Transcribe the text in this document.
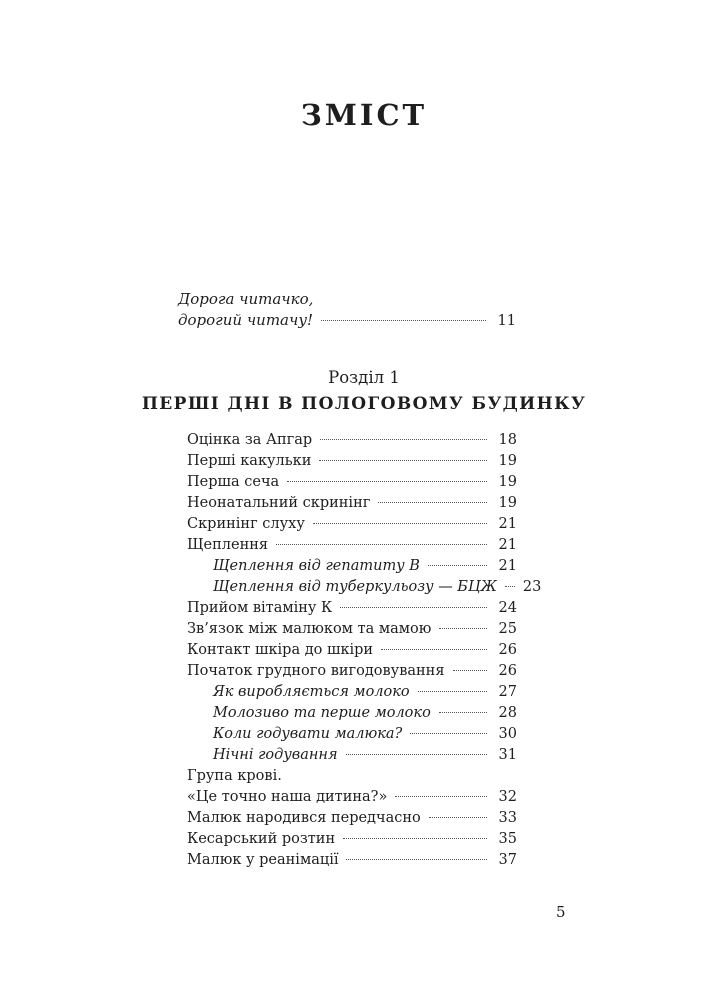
ЗМІСТ
Дорога читачко,
дорогий читачу!	11
Розділ 1
ПЕРШІ ДНІ В ПОЛОГОВОМУ БУДИНКУ
Оцінка за Апгар	18
Перші какульки	19
Перша сеча	19
Неонатальний скринінг	19
Скринінг слуху	21
Щеплення	21
Щеплення від гепатиту В	21
Щеплення від туберкульозу — БЦЖ 23
Прийом вітаміну К	24
Зв’язок між малюком та мамою	25
Контакт шкіра до шкіри	26
Початок грудного вигодовування	26
Як виробляється молоко	27
Молозиво та перше молоко	28
Коли годувати малюка?	30
Нічні годування	31
Група крові.
«Це точно наша дитина?»	32
Малюк народився передчасно	33
Кесарський розтин	35
Малюк у реанімації	37
5
